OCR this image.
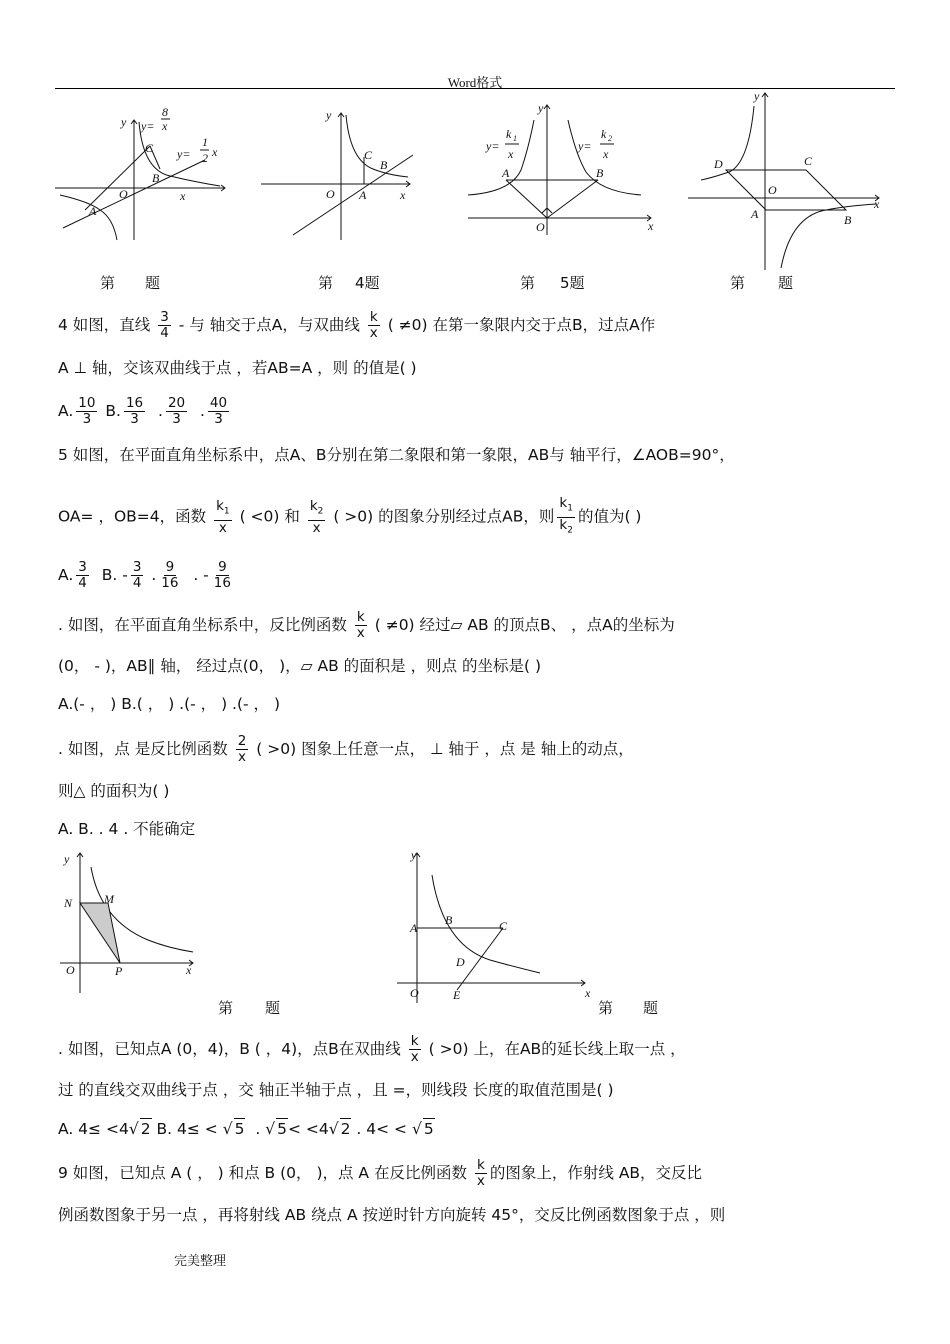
Word格式
y y=
8
x
y=
1
2 x
C
B
O
A
x
y
C
B
O A	x
y
y=
k 1
x
y=
k 2
x
A	B
O	x
y
D	C
O
A	B
x
第 题	第 4题	第 5题	第 题
4 如图，直线 $\frac{3}{4}$ - 与 轴交于点A，与双曲线 $\frac{k}{x}$ ( ≠0) 在第一象限内交于点B，过点A作
A ⊥ 轴，交该双曲线于点 ，若AB=A ，则 的值是( )
A. $\frac{10}{3} B$. $\frac{16}{3}$ . $\frac{20}{3}$ . $\frac{40}{3}$
5 如图，在平面直角坐标系中，点A、B分别在第二象限和第一象限，AB与 轴平行，∠AOB=90°，
OA= ，OB=4，函数 $\frac{k_1}{x}$ ( <0) 和 $\frac{k_2}{x}$ ( >0) 的图象分别经过点AB，则 $\frac{k_1}{k_2}$ 的值为( )
A. $\frac{3}{4} B$. - $\frac{3}{4}$ . $\frac{9}{16}$ . - $\frac{9}{16}$
. 如图，在平面直角坐标系中，反比例函数 $\frac{k}{x}$ ( ≠0) 经过▱ AB 的顶点B、 ，点A的坐标为
(0， - )，AB∥ 轴， 经过点(0， )，▱ AB 的面积是 ，则点 的坐标是( )
A.(- ， ) B.( ， ) .(- ， ) .(- ， )
. 如图，点 是反比例函数 $\frac{2}{x}$ ( >0) 图象上任意一点， ⊥ 轴于 ，点 是 轴上的动点，
则△ 的面积为( )
A. B. . 4 . 不能确定
y
N	M
O	P	x
y
A
B	C
D
O	E	x
第 题	第 题
. 如图，已知点A (0，4)，B ( ，4)，点B在双曲线 $\frac{k}{x}$ ( >0) 上，在AB的延长线上取一点 ，
过 的直线交双曲线于点 ，交 轴正半轴于点 ，且 =，则线段 长度的取值范围是( )
A. 4≤ <4√ 2 B. 4≤ < √ 5 . √ 5< <4√ 2 . 4< < √ 5
9 如图，已知点 A ( ， ) 和点 B (0， )，点 A 在反比例函数 $\frac{k}{x}$ 的图象上，作射线 AB，交反比
例函数图象于另一点 ，再将射线 AB 绕点 A 按逆时针方向旋转 45°，交反比例函数图象于点 ，则
完美整理
